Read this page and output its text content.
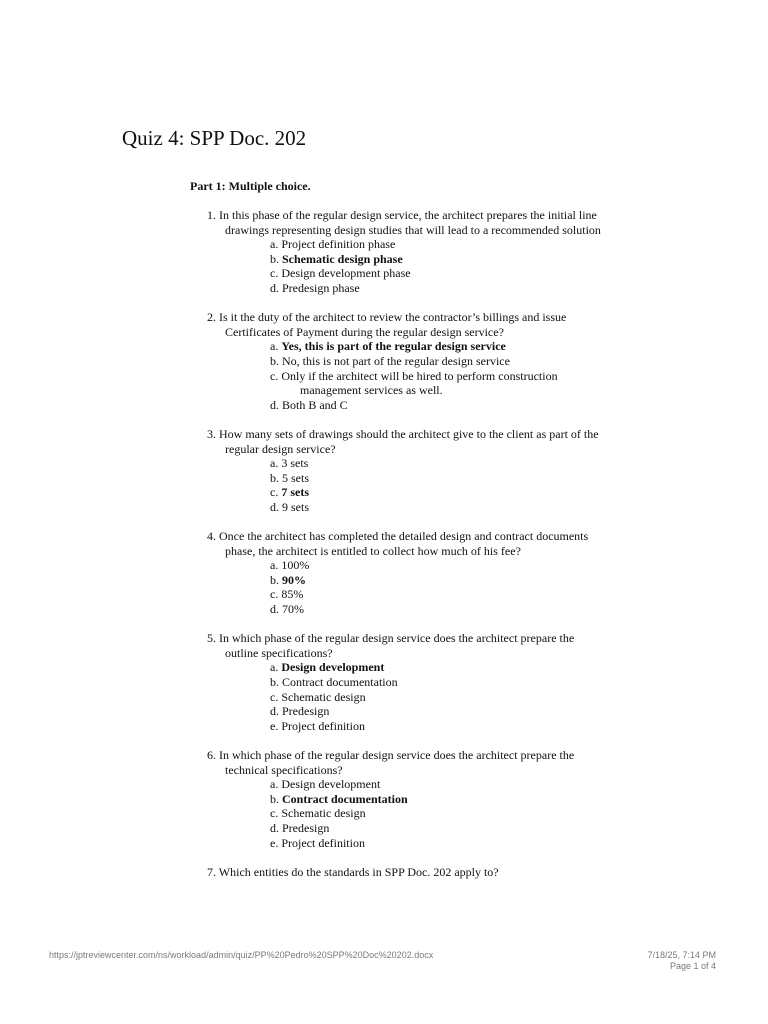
Quiz 4: SPP Doc. 202
Part 1: Multiple choice.
1. In this phase of the regular design service, the architect prepares the initial line drawings representing design studies that will lead to a recommended solution
a. Project definition phase
b. Schematic design phase
c. Design development phase
d. Predesign phase
2. Is it the duty of the architect to review the contractor’s billings and issue Certificates of Payment during the regular design service?
a. Yes, this is part of the regular design service
b. No, this is not part of the regular design service
c. Only if the architect will be hired to perform construction
management services as well.
d. Both B and C
3. How many sets of drawings should the architect give to the client as part of the regular design service?
a. 3 sets
b. 5 sets
c. 7 sets
d. 9 sets
4. Once the architect has completed the detailed design and contract documents phase, the architect is entitled to collect how much of his fee?
a. 100%
b. 90%
c. 85%
d. 70%
5. In which phase of the regular design service does the architect prepare the outline specifications?
a. Design development
b. Contract documentation
c. Schematic design
d. Predesign
e. Project definition
6. In which phase of the regular design service does the architect prepare the technical specifications?
a. Design development
b. Contract documentation
c. Schematic design
d. Predesign
e. Project definition
7. Which entities do the standards in SPP Doc. 202 apply to?
https://jptreviewcenter.com/ns/workload/admin/quiz/PP%20Pedro%20SPP%20Doc%20202.docx	7/18/25, 7:14 PM
Page 1 of 4
